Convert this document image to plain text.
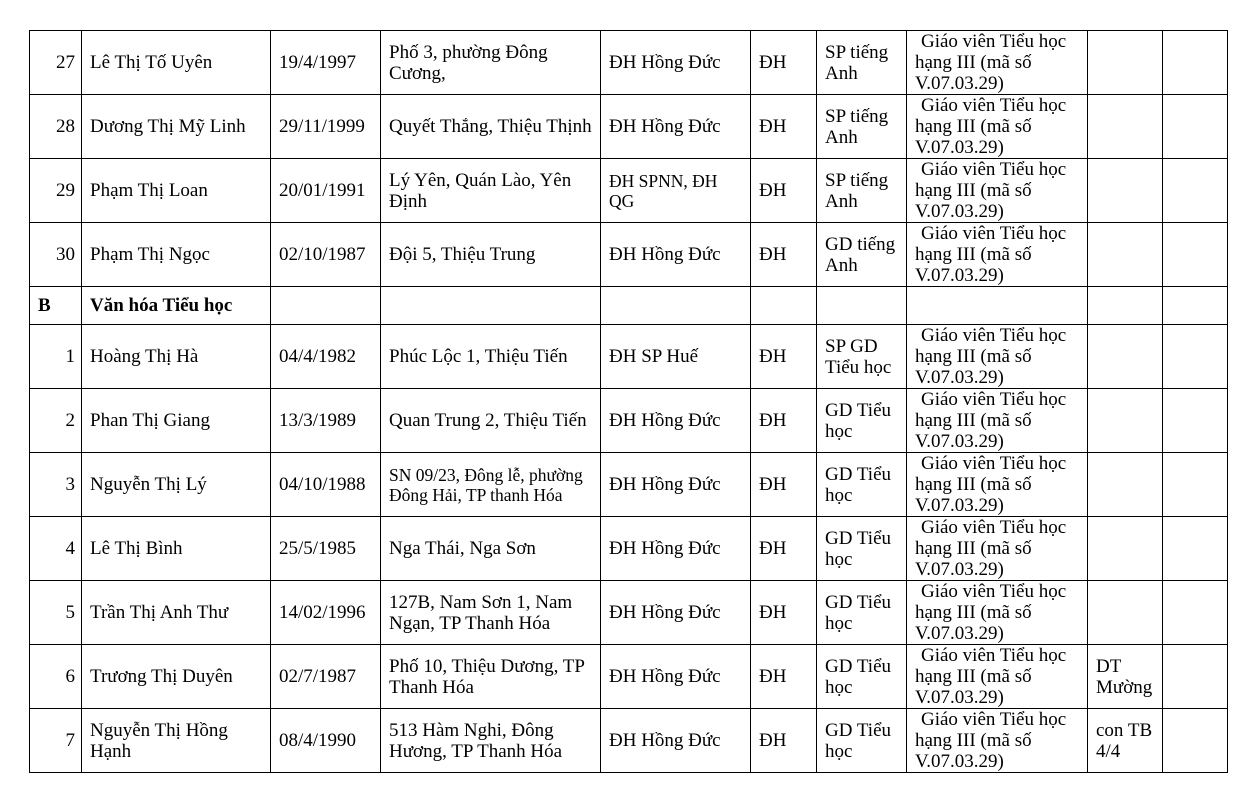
27	Lê Thị Tố Uyên	19/4/1997	Phố 3, phường Đông Cương,	ĐH Hồng Đức	ĐH	SP tiếng Anh	Giáo viên Tiểu học
hạng III (mã số
V.07.03.29)		

28	Dương Thị Mỹ Linh	29/11/1999	Quyết Thắng, Thiệu Thịnh	ĐH Hồng Đức	ĐH	SP tiếng Anh	Giáo viên Tiểu học
hạng III (mã số
V.07.03.29)		

29	Phạm Thị Loan	20/01/1991	Lý Yên, Quán Lào, Yên Định	ĐH SPNN, ĐH QG	ĐH	SP tiếng Anh	Giáo viên Tiểu học
hạng III (mã số
V.07.03.29)		

30	Phạm Thị Ngọc	02/10/1987	Đội 5, Thiệu Trung	ĐH Hồng Đức	ĐH	GD tiếng Anh	Giáo viên Tiểu học
hạng III (mã số
V.07.03.29)		

B	Văn hóa Tiểu học								
1	Hoàng Thị Hà	04/4/1982	Phúc Lộc 1, Thiệu Tiến	ĐH SP Huế	ĐH	SP GD Tiểu học	Giáo viên Tiểu học
hạng III (mã số
V.07.03.29)		

2	Phan Thị Giang	13/3/1989	Quan Trung 2, Thiệu Tiến	ĐH Hồng Đức	ĐH	GD Tiểu học	Giáo viên Tiểu học
hạng III (mã số
V.07.03.29)		

3	Nguyễn Thị Lý	04/10/1988	SN 09/23, Đông lễ, phường Đông Hải, TP thanh Hóa	ĐH Hồng Đức	ĐH	GD Tiểu học	Giáo viên Tiểu học
hạng III (mã số
V.07.03.29)		

4	Lê Thị Bình	25/5/1985	Nga Thái, Nga Sơn	ĐH Hồng Đức	ĐH	GD Tiểu học	Giáo viên Tiểu học
hạng III (mã số
V.07.03.29)		

5	Trần Thị Anh Thư	14/02/1996	127B, Nam Sơn 1, Nam Ngạn, TP Thanh Hóa	ĐH Hồng Đức	ĐH	GD Tiểu học	Giáo viên Tiểu học
hạng III (mã số
V.07.03.29)		

6	Trương Thị Duyên	02/7/1987	Phố 10, Thiệu Dương, TP Thanh Hóa	ĐH Hồng Đức	ĐH	GD Tiểu học	Giáo viên Tiểu học
hạng III (mã số
V.07.03.29)	DT Mường	
7	Nguyễn Thị Hồng Hạnh	08/4/1990	513 Hàm Nghi, Đông Hương, TP Thanh Hóa	ĐH Hồng Đức	ĐH	GD Tiểu học	Giáo viên Tiểu học
hạng III (mã số
V.07.03.29)	con TB 4/4	
